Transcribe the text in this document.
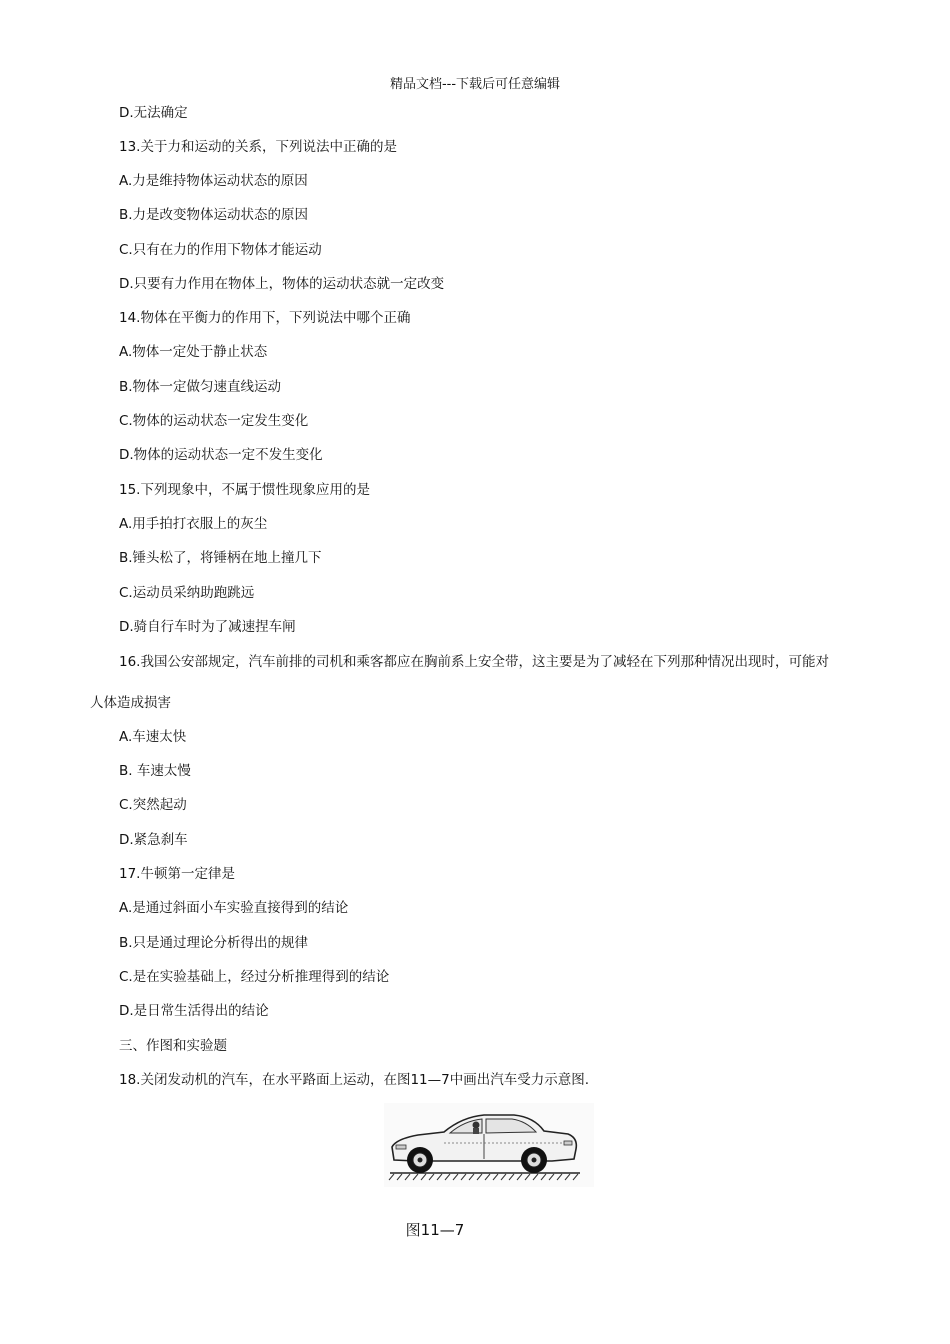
精品文档---下载后可任意编辑
D.无法确定
13.关于力和运动的关系，下列说法中正确的是
A.力是维持物体运动状态的原因
B.力是改变物体运动状态的原因
C.只有在力的作用下物体才能运动
D.只要有力作用在物体上，物体的运动状态就一定改变
14.物体在平衡力的作用下，下列说法中哪个正确
A.物体一定处于静止状态
B.物体一定做匀速直线运动
C.物体的运动状态一定发生变化
D.物体的运动状态一定不发生变化
15.下列现象中，不属于惯性现象应用的是
A.用手拍打衣服上的灰尘
B.锤头松了，将锤柄在地上撞几下
C.运动员采纳助跑跳远
D.骑自行车时为了减速捏车闸
16.我国公安部规定，汽车前排的司机和乘客都应在胸前系上安全带，这主要是为了减轻在下列那种情况出现时，可能对
人体造成损害
A.车速太快
B. 车速太慢
C.突然起动
D.紧急刹车
17.牛顿第一定律是
A.是通过斜面小车实验直接得到的结论
B.只是通过理论分析得出的规律
C.是在实验基础上，经过分析推理得到的结论
D.是日常生活得出的结论
三、作图和实验题
18.关闭发动机的汽车，在水平路面上运动，在图11—7中画出汽车受力示意图.
图11—7
